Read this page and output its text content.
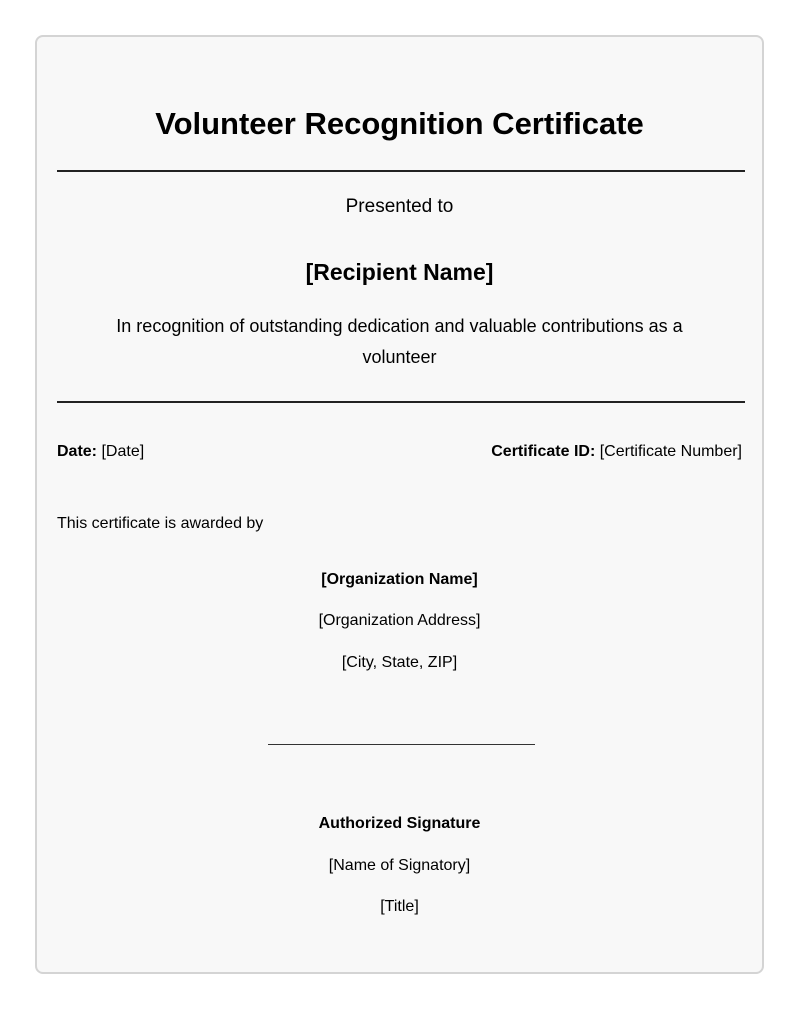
Volunteer Recognition Certificate
Presented to
[Recipient Name]
In recognition of outstanding dedication and valuable contributions as a volunteer
Date: [Date]	Certificate ID: [Certificate Number]
This certificate is awarded by
[Organization Name]
[Organization Address]
[City, State, ZIP]
Authorized Signature
[Name of Signatory]
[Title]
